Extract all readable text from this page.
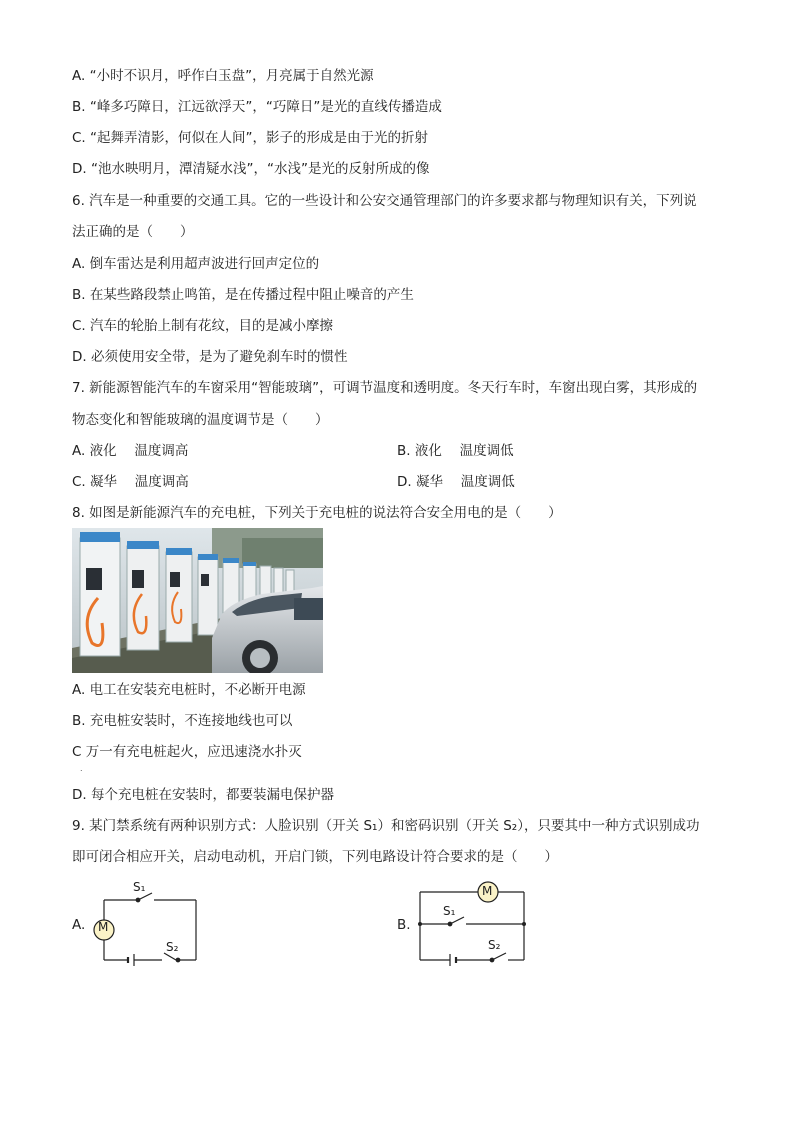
A. “小时不识月，呼作白玉盘”，月亮属于自然光源
B. “峰多巧障日，江远欲浮天”，“巧障日”是光的直线传播造成
C. “起舞弄清影，何似在人间”，影子的形成是由于光的折射
D. “池水映明月，潭清疑水浅”，“水浅”是光的反射所成的像
6. 汽车是一种重要的交通工具。它的一些设计和公安交通管理部门的许多要求都与物理知识有关，下列说
法正确的是（　　）
A. 倒车雷达是利用超声波进行回声定位的
B. 在某些路段禁止鸣笛，是在传播过程中阻止噪音的产生
C. 汽车的轮胎上制有花纹，目的是减小摩擦
D. 必须使用安全带，是为了避免刹车时的惯性
7. 新能源智能汽车的车窗采用“智能玻璃”，可调节温度和透明度。冬天行车时，车窗出现白雾，其形成的
物态变化和智能玻璃的温度调节是（　　）
A. 液化　 温度调高	B. 液化　 温度调低
C. 凝华　 温度调高	D. 凝华　 温度调低
8. 如图是新能源汽车的充电桩，下列关于充电桩的说法符合安全用电的是（　　）
A. 电工在安装充电桩时，不必断开电源
B. 充电桩安装时，不连接地线也可以
C 万一有充电桩起火，应迅速浇水扑灭
.
D. 每个充电桩在安装时，都要装漏电保护器
9. 某门禁系统有两种识别方式：人脸识别（开关 S₁）和密码识别（开关 S₂），只要其中一种方式识别成功
即可闭合相应开关，启动电动机，开启门锁，下列电路设计符合要求的是（　　）
A. M
S₁
S₂
B.
M
S₁
S₂
